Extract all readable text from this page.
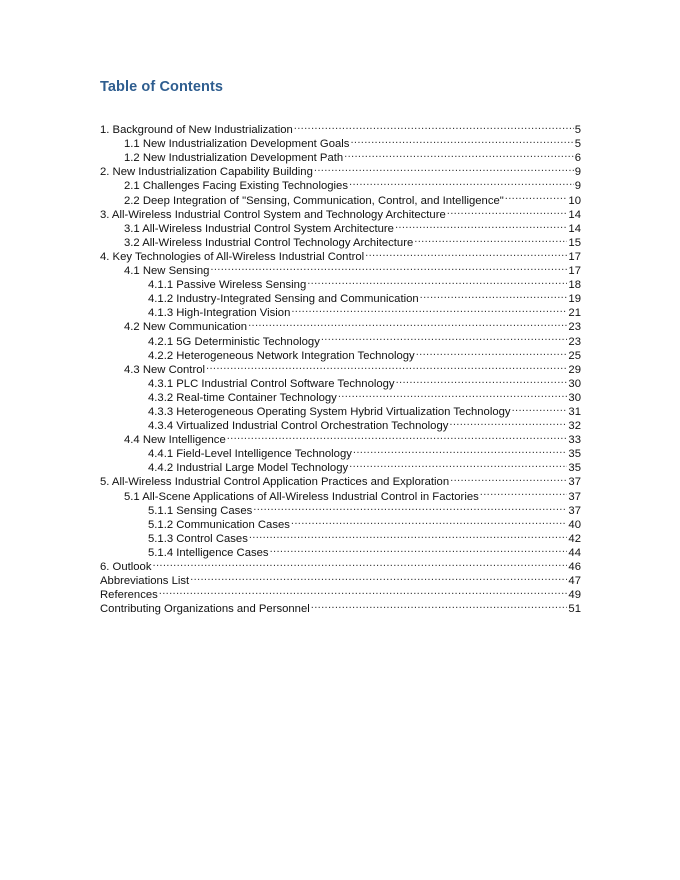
Table of Contents
1. Background of New Industrialization .....	5
1.1 New Industrialization Development Goals .....	5
1.2 New Industrialization Development Path .....	6
2. New Industrialization Capability Building .....	9
2.1 Challenges Facing Existing Technologies .....	9
2.2 Deep Integration of "Sensing, Communication, Control, and Intelligence" .....	10
3. All-Wireless Industrial Control System and Technology Architecture .....	14
3.1 All-Wireless Industrial Control System Architecture .....	14
3.2 All-Wireless Industrial Control Technology Architecture .....	15
4. Key Technologies of All-Wireless Industrial Control .....	17
4.1 New Sensing .....	17
4.1.1 Passive Wireless Sensing .....	18
4.1.2 Industry-Integrated Sensing and Communication .....	19
4.1.3 High-Integration Vision .....	21
4.2 New Communication .....	23
4.2.1 5G Deterministic Technology .....	23
4.2.2 Heterogeneous Network Integration Technology .....	25
4.3 New Control .....	29
4.3.1 PLC Industrial Control Software Technology .....	30
4.3.2 Real-time Container Technology .....	30
4.3.3 Heterogeneous Operating System Hybrid Virtualization Technology .....	31
4.3.4 Virtualized Industrial Control Orchestration Technology .....	32
4.4 New Intelligence .....	33
4.4.1 Field-Level Intelligence Technology .....	35
4.4.2 Industrial Large Model Technology .....	35
5. All-Wireless Industrial Control Application Practices and Exploration .....	37
5.1 All-Scene Applications of All-Wireless Industrial Control in Factories .....	37
5.1.1 Sensing Cases .....	37
5.1.2 Communication Cases .....	40
5.1.3 Control Cases .....	42
5.1.4 Intelligence Cases .....	44
6. Outlook .....	46
Abbreviations List .....	47
References .....	49
Contributing Organizations and Personnel .....	51
